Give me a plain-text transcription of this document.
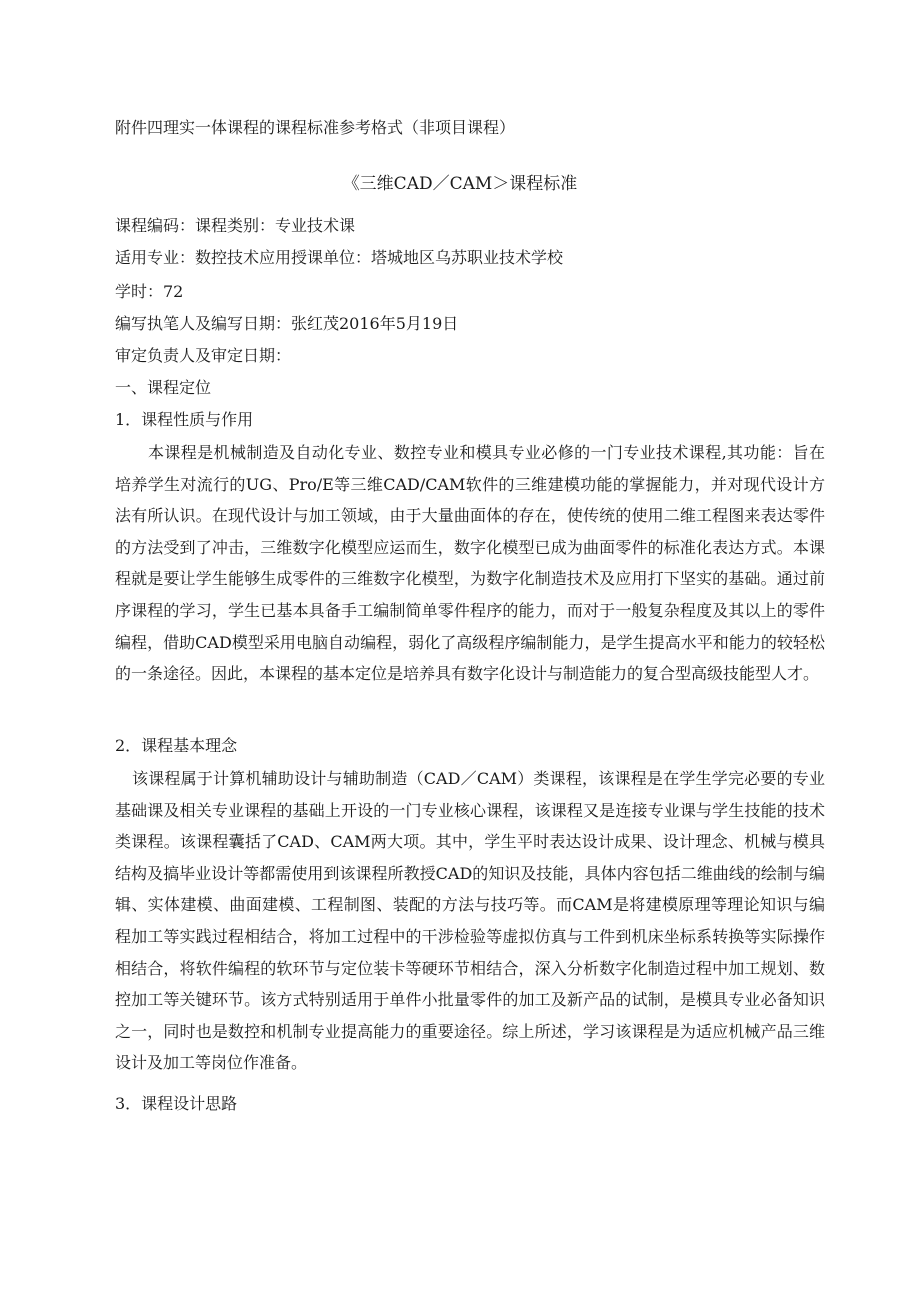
附件四理实一体课程的课程标准参考格式（非项目课程）
《三维CAD／CAM＞课程标准
课程编码：课程类别：专业技术课
适用专业：数控技术应用授课单位：塔城地区乌苏职业技术学校
学时：72
编写执笔人及编写日期：张红茂2016年5月19日
审定负责人及审定日期：
一、课程定位
1．课程性质与作用
本课程是机械制造及自动化专业、数控专业和模具专业必修的一门专业技术课程,其功能：旨在培养学生对流行的UG、Pro/E等三维CAD/CAM软件的三维建模功能的掌握能力，并对现代设计方法有所认识。在现代设计与加工领域，由于大量曲面体的存在，使传统的使用二维工程图来表达零件的方法受到了冲击，三维数字化模型应运而生，数字化模型已成为曲面零件的标准化表达方式。本课程就是要让学生能够生成零件的三维数字化模型，为数字化制造技术及应用打下坚实的基础。通过前序课程的学习，学生已基本具备手工编制简单零件程序的能力，而对于一般复杂程度及其以上的零件编程，借助CAD模型采用电脑自动编程，弱化了高级程序编制能力，是学生提高水平和能力的较轻松的一条途径。因此，本课程的基本定位是培养具有数字化设计与制造能力的复合型高级技能型人才。
2．课程基本理念
该课程属于计算机辅助设计与辅助制造（CAD／CAM）类课程，该课程是在学生学完必要的专业基础课及相关专业课程的基础上开设的一门专业核心课程，该课程又是连接专业课与学生技能的技术类课程。该课程囊括了CAD、CAM两大项。其中，学生平时表达设计成果、设计理念、机械与模具结构及搞毕业设计等都需使用到该课程所教授CAD的知识及技能，具体内容包括二维曲线的绘制与编辑、实体建模、曲面建模、工程制图、装配的方法与技巧等。而CAM是将建模原理等理论知识与编程加工等实践过程相结合，将加工过程中的干涉检验等虚拟仿真与工件到机床坐标系转换等实际操作相结合，将软件编程的软环节与定位装卡等硬环节相结合，深入分析数字化制造过程中加工规划、数控加工等关键环节。该方式特别适用于单件小批量零件的加工及新产品的试制，是模具专业必备知识之一，同时也是数控和机制专业提高能力的重要途径。综上所述，学习该课程是为适应机械产品三维设计及加工等岗位作准备。
3．课程设计思路
